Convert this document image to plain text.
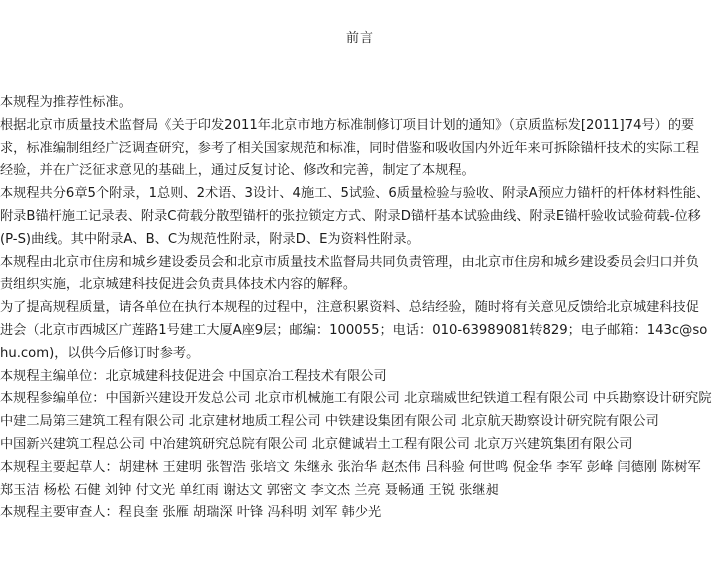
前言

本规程为推荐性标准。

根据北京市质量技术监督局《关于印发2011年北京市地方标准制修订项目计划的通知》（京质监标发[2011]74号）的要求，标准编制组经广泛调查研究，参考了相关国家规范和标准，同时借鉴和吸收国内外近年来可拆除锚杆技术的实际工程经验，并在广泛征求意见的基础上，通过反复讨论、修改和完善，制定了本规程。

本规程共分6章5个附录，1总则、2术语、3设计、4施工、5试验、6质量检验与验收、附录A预应力锚杆的杆体材料性能、附录B锚杆施工记录表、附录C荷载分散型锚杆的张拉锁定方式、附录D锚杆基本试验曲线、附录E锚杆验收试验荷载-位移(P-S)曲线。其中附录A、B、C为规范性附录，附录D、E为资料性附录。

本规程由北京市住房和城乡建设委员会和北京市质量技术监督局共同负责管理，由北京市住房和城乡建设委员会归口并负责组织实施，北京城建科技促进会负责具体技术内容的解释。

为了提高规程质量，请各单位在执行本规程的过程中，注意积累资料、总结经验，随时将有关意见反馈给北京城建科技促进会（北京市西城区广莲路1号建工大厦A座9层；邮编：100055；电话：010-63989081转829；电子邮箱：143c@sohu.com)，以供今后修订时参考。

本规程主编单位：北京城建科技促进会 中国京冶工程技术有限公司

本规程参编单位：中国新兴建设开发总公司 北京市机械施工有限公司 北京瑞威世纪铁道工程有限公司 中兵勘察设计研究院

中建二局第三建筑工程有限公司 北京建材地质工程公司 中铁建设集团有限公司 北京航天勘察设计研究院有限公司

中国新兴建筑工程总公司 中冶建筑研究总院有限公司 北京健诚岩土工程有限公司 北京万兴建筑集团有限公司

本规程主要起草人：胡建林 王建明 张智浩 张培文 朱继永 张治华 赵杰伟 吕科验 何世鸣 倪金华 李军 彭峰 闫德刚 陈树军 郑玉洁 杨松 石健 刘钟 付文光 单红雨 谢达文 郭密文 李文杰 兰亮 聂畅通 王锐 张继昶

本规程主要审查人：程良奎 张雁 胡瑞深 叶锋 冯科明 刘军 韩少光
